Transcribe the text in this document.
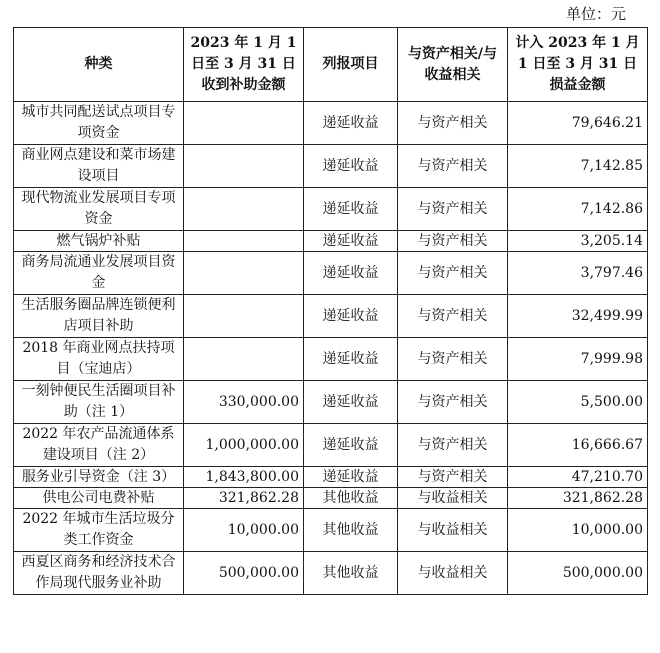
单位：元
种类	2023 年 1 月 1 日至 3 月 31 日收到补助金额	列报项目	与资产相关/与收益相关	计入 2023 年 1 月 1 日至 3 月 31 日损益金额
城市共同配送试点项目专项资金		递延收益	与资产相关	79,646.21
商业网点建设和菜市场建设项目		递延收益	与资产相关	7,142.85
现代物流业发展项目专项资金		递延收益	与资产相关	7,142.86
燃气锅炉补贴		递延收益	与资产相关	3,205.14
商务局流通业发展项目资金		递延收益	与资产相关	3,797.46
生活服务圈品牌连锁便利店项目补助		递延收益	与资产相关	32,499.99
2018 年商业网点扶持项目（宝迪店）		递延收益	与资产相关	7,999.98
一刻钟便民生活圈项目补助（注 1）	330,000.00	递延收益	与资产相关	5,500.00
2022 年农产品流通体系建设项目（注 2）	1,000,000.00	递延收益	与资产相关	16,666.67
服务业引导资金（注 3）	1,843,800.00	递延收益	与资产相关	47,210.70
供电公司电费补贴	321,862.28	其他收益	与收益相关	321,862.28
2022 年城市生活垃圾分类工作资金	10,000.00	其他收益	与收益相关	10,000.00
西夏区商务和经济技术合作局现代服务业补助	500,000.00	其他收益	与收益相关	500,000.00
